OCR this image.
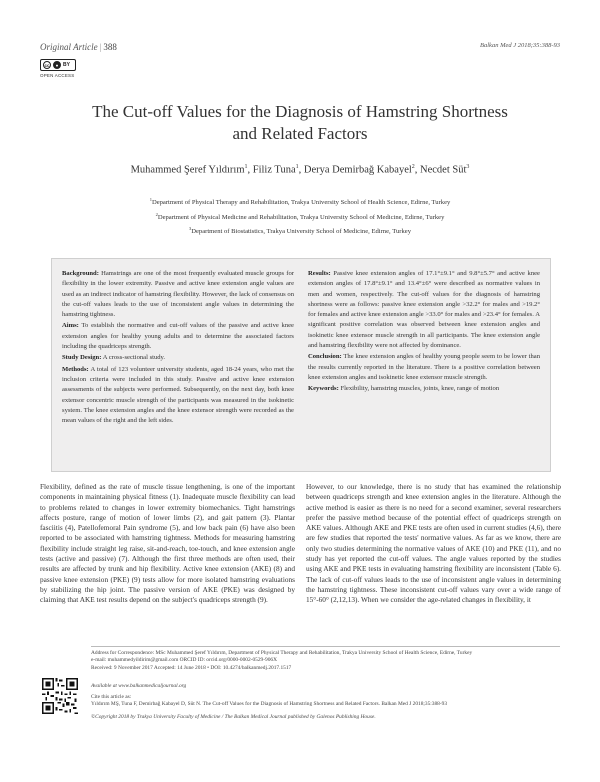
Original Article | 388	Balkan Med J 2018;35:388-93
cc	● BY
OPEN ACCESS
The Cut-off Values for the Diagnosis of Hamstring Shortness
and Related Factors
Muhammed Şeref Yıldırım$^1$, Filiz Tuna$^1$, Derya Demirbağ Kabayel$^2$, Necdet Süt$^3$
$^1$Department of Physical Therapy and Rehabilitation, Trakya University School of Health Science, Edirne, Turkey
$^2$Department of Physical Medicine and Rehabilitation, Trakya University School of Medicine, Edirne, Turkey
$^3$Department of Biostatistics, Trakya University School of Medicine, Edirne, Turkey

Background: Hamstrings are one of the most frequently evaluated muscle groups for flexibility in the lower extremity. Passive and active knee extension angle values are used as an indirect indicator of hamstring flexibility. However, the lack of consensus on the cut-off values leads to the use of inconsistent angle values in determining the hamstring tightness.

Aims: To establish the normative and cut-off values of the passive and active knee extension angles for healthy young adults and to determine the associated factors including the quadriceps strength.

Study Design: A cross-sectional study.

Methods: A total of 123 volunteer university students, aged 18-24 years, who met the inclusion criteria were included in this study. Passive and active knee extension assessments of the subjects were performed. Subsequently, on the next day, both knee extensor concentric muscle strength of the participants was measured in the isokinetic system. The knee extension angles and the knee extensor strength were recorded as the mean values of the right and the left sides.

Results: Passive knee extension angles of 17.1°±9.1° and 9.8°±5.7° and active knee extension angles of 17.8°±9.1° and 13.4°±6° were described as normative values in men and women, respectively. The cut-off values for the diagnosis of hamstring shortness were as follows: passive knee extension angle >32.2° for males and >19.2° for females and active knee extension angle >33.0° for males and >23.4° for females. A significant positive correlation was observed between knee extension angles and isokinetic knee extensor muscle strength in all participants. The knee extension angle and hamstring flexibility were not affected by dominance.

Conclusion: The knee extension angles of healthy young people seem to be lower than the results currently reported in the literature. There is a positive correlation between knee extension angles and isokinetic knee extensor muscle strength.

Keywords: Flexibility, hamstring muscles, joints, knee, range of motion

Flexibility, defined as the rate of muscle tissue lengthening, is one of the important components in maintaining physical fitness (1). Inadequate muscle flexibility can lead to problems related to changes in lower extremity biomechanics. Tight hamstrings affects posture, range of motion of lower limbs (2), and gait pattern (3). Plantar fasciitis (4), Patellofemoral Pain syndrome (5), and low back pain (6) have also been reported to be associated with hamstring tightness. Methods for measuring hamstring flexibility include straight leg raise, sit-and-reach, toe-touch, and knee extension angle tests (active and passive) (7). Although the first three methods are often used, their results are affected by trunk and hip flexibility. Active knee extension (AKE) (8) and passive knee extension (PKE) (9) tests allow for more isolated hamstring evaluations by stabilizing the hip joint. The passive version of AKE (PKE) was designed by claiming that AKE test results depend on the subject's quadriceps strength (9).
However, to our knowledge, there is no study that has examined the relationship between quadriceps strength and knee extension angles in the literature. Although the active method is easier as there is no need for a second examiner, several researchers prefer the passive method because of the potential effect of quadriceps strength on AKE values. Although AKE and PKE tests are often used in current studies (4,6), there are few studies that reported the tests' normative values. As far as we know, there are only two studies determining the normative values of AKE (10) and PKE (11), and no study has yet reported the cut-off values. The angle values reported by the studies using AKE and PKE tests in evaluating hamstring flexibility are inconsistent (Table 6). The lack of cut-off values leads to the use of inconsistent angle values in determining the hamstring tightness. These inconsistent cut-off values vary over a wide range of 15°-60° (2,12,13). When we consider the age-related changes in flexibility, it
Address for Correspondence: MSc Muhammed Şeref Yıldırım, Department of Physical Therapy and Rehabilitation, Trakya University School of Health Science, Edirne, Turkey
e-mail: muhammedyildirim@gmail.com ORCID ID: orcid.org/0000-0002-0529-906X
Received: 9 November 2017 Accepted: 14 June 2018 • DOI: 10.4274/balkanmedj.2017.1517
Available at www.balkanmedicaljournal.org
Cite this article as:
Yıldırım MŞ, Tuna F, Demirbağ Kabayel D, Süt N. The Cut-off Values for the Diagnosis of Hamstring Shortness and Related Factors. Balkan Med J 2018;35:388-93
©Copyright 2018 by Trakya University Faculty of Medicine / The Balkan Medical Journal published by Galenos Publishing House.
